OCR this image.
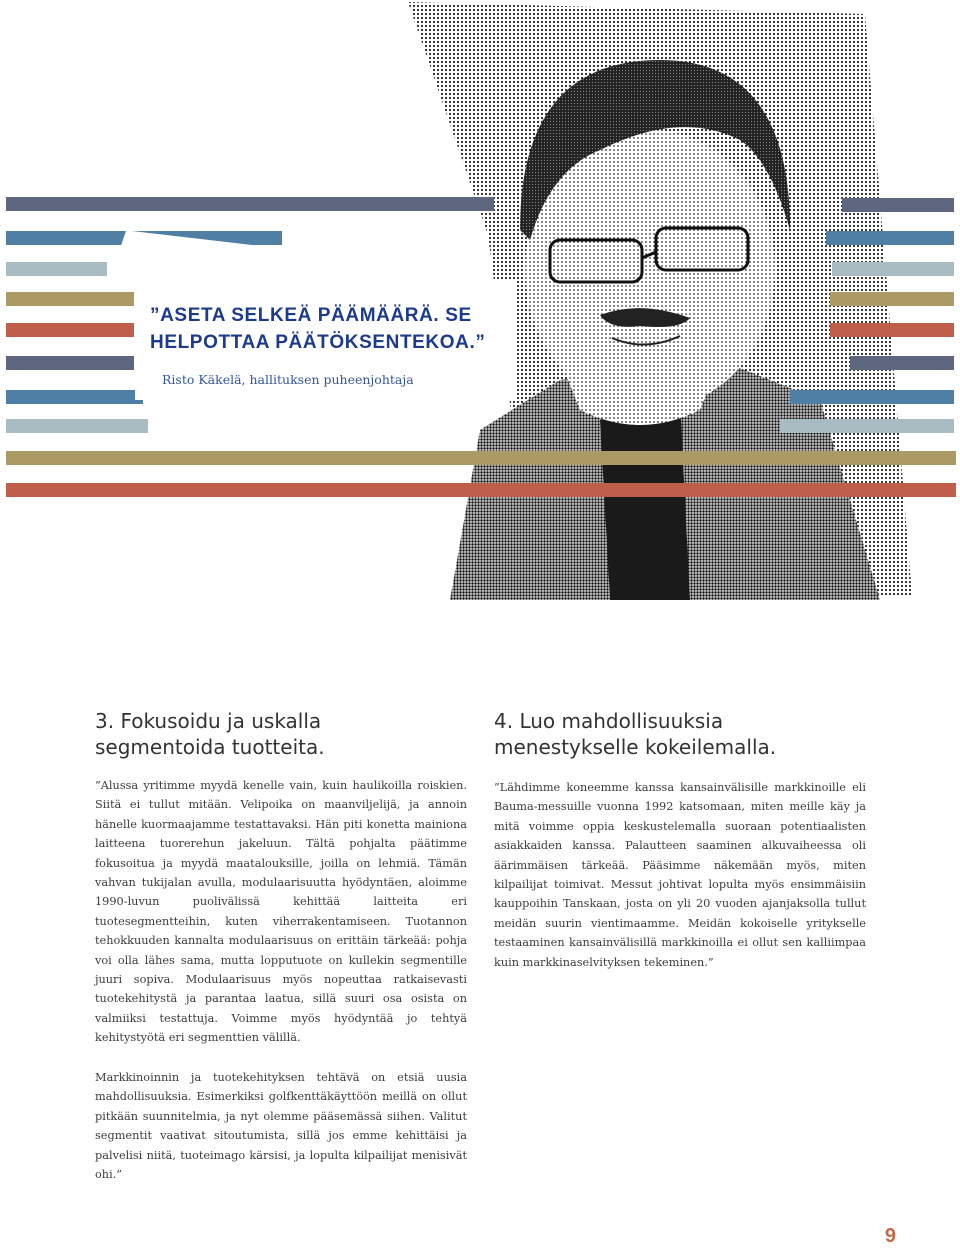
”ASETA SELKEÄ PÄÄMÄÄRÄ. SE HELPOTTAA PÄÄTÖKSENTEKOA.”
Risto Käkelä, hallituksen puheenjohtaja
3. Fokusoidu ja uskalla segmentoida tuotteita.

”Alussa yritimme myydä kenelle vain, kuin haulikoilla roiskien. Siitä ei tullut mitään. Velipoika on maanviljelijä, ja annoin hänelle kuormaajamme testattavaksi. Hän piti konetta mainiona laitteena tuorerehun jakeluun. Tältä pohjalta päätimme fokusoitua ja myydä maatalouksille, joilla on lehmiä. Tämän vahvan tukijalan avulla, modulaarisuutta hyödyntäen, aloimme 1990-luvun puolivälissä kehittää laitteita eri tuotesegmentteihin, kuten viherrakentamiseen. Tuotannon tehokkuuden kannalta modulaarisuus on erittäin tärkeää: pohja voi olla lähes sama, mutta lopputuote on kullekin segmentille juuri sopiva. Modulaarisuus myös nopeuttaa ratkaisevasti tuotekehitystä ja parantaa laatua, sillä suuri osa osista on valmiiksi testattuja. Voimme myös hyödyntää jo tehtyä kehitystyötä eri segmenttien välillä.

Markkinoinnin ja tuotekehityksen tehtävä on etsiä uusia mahdollisuuksia. Esimerkiksi golfkenttäkäyttöön meillä on ollut pitkään suunnitelmia, ja nyt olemme pääsemässä siihen. Valitut segmentit vaativat sitoutumista, sillä jos emme kehittäisi ja palvelisi niitä, tuoteimago kärsisi, ja lopulta kilpailijat menisivät ohi.”

4. Luo mahdollisuuksia menestykselle kokeilemalla.

”Lähdimme koneemme kanssa kansainvälisille markkinoille eli Bauma-messuille vuonna 1992 katsomaan, miten meille käy ja mitä voimme oppia keskustelemalla suoraan potentiaalisten asiakkaiden kanssa. Palautteen saaminen alkuvaiheessa oli äärimmäisen tärkeää. Pääsimme näkemään myös, miten kilpailijat toimivat. Messut johtivat lopulta myös ensimmäisiin kauppoihin Tanskaan, josta on yli 20 vuoden ajanjaksolla tullut meidän suurin vientimaamme. Meidän kokoiselle yritykselle testaaminen kansainvälisillä markkinoilla ei ollut sen kalliimpaa kuin markkinaselvityksen tekeminen.”

9
